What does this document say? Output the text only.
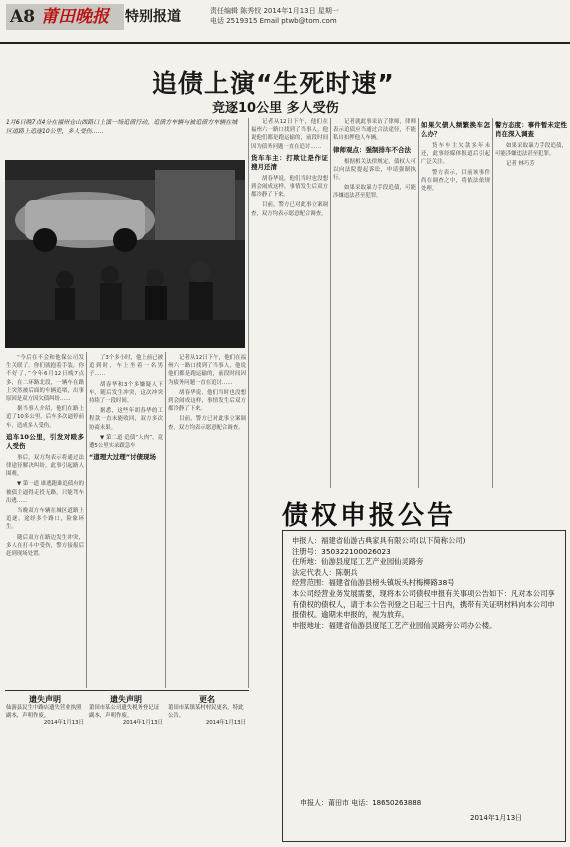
A8 莆田晚报	特别报道	责任编辑 陈秀钗 2014年1月13日 星期一
电话 2519315 Email ptwb@tom.com
追债上演“生死时速”
竞逐10公里 多人受伤
1月6日晚7点4分在福州仓山西路口上演一场追债行动，追债方车辆与被追债方车辆在城区道路上追逐10公里，多人受伤……

“今后在不会和他保公司发生关联了。你们就抱着手装，你不好了，”今年6月12日晚7点多，在二环路北段，一辆车在路上突然被后面的车辆追堵，出事原因是双方因欠债纠纷……

据当事人介绍，他们在路上追了10多公里，后车多次逼停前车，造成多人受伤。

追车10公里，引发对殴多人受伤

事后，双方均表示将通过法律途径解决纠纷，此事引起路人围观。

▼ 第一道 谁逃跑谁追债有的被债主逼得走投无路，只能驾车出逃……

当晚双方车辆在城区道路上追逐，途经多个路口，险象环生。

随后双方在路边发生冲突，多人在打斗中受伤，警方接报后赶到现场处置。

了3个多小时，他上前已被追到时，车上坐着一名男子……

胡春华和3个多嫌疑人下车，随后发生冲突，这次冲突持续了一段时间。

据悉，这些年胡春华的工程款一直未能收回，双方多次协商未果。

▼ 第二道 追债“人肉”，竟遭5公里实录跟急车

“道理大过理”讨债现场

记者从12日下午，他们在福州六一路口找到了当事人，他说他们都是跑运输的，前段时间因为债务问题一直在追讨……

胡春华说，他们当时也没想到会闹成这样，事情发生后双方都冷静了下来。

目前，警方已对此事立案调查，双方均表示愿意配合调查。

记者从12日下午，他们在福州六一路口找到了当事人，他说他们都是跑运输的，前段时间因为债务问题一直在追讨……

货车车主：打欺让是作证搜月还清

胡春华说，他们当时也没想到会闹成这样，事情发生后双方都冷静了下来。

目前，警方已对此事立案调查，双方均表示愿意配合调查。

记者就此事采访了律师，律师表示追债应当通过合法途径，不能私自扣押他人车辆。

律师观点：强制排车不合法

根据相关法律规定，债权人可以向法院提起诉讼，申请强制执行。

如果采取暴力手段追债，可能涉嫌违法甚至犯罪。

如果欠债人频繁换车怎么办？

货车车主欠款多年未还，此事经媒体报道后引起广泛关注。

警方表示，目前该事件尚在调查之中，将依法依规处理。

警方态度：事件暂未定性肖在深入调查

如果采取暴力手段追债，可能涉嫌违法甚至犯罪。

记者 林巧芳

债权申报公告

申报人：福建省仙游古典家具有限公司(以下简称公司)

注册号：350322100026023

住所地：仙游县度尾工艺产业园仙灵路旁

法定代表人：陈朝兵

经营范围：福建省仙游县榜头镇坂头村梅柳路38号

本公司经营业务发展需要，现将本公司债权申报有关事项公告如下：凡对本公司享有债权的债权人，请于本公告刊登之日起三十日内，携带有关证明材料向本公司申报债权。逾期未申报的，视为放弃。

申报地址：福建省仙游县度尾工艺产业园仙灵路旁公司办公楼。

申报人：莆田市 电话：18650263888
2014年1月13日
遗失声明
仙游县民生中路店遗失营业执照副本，声明作废。
2014年1月13日
遗失声明
莆田市某公司遗失税务登记证副本，声明作废。
2014年1月13日
更名
莆田市某镇某村村民更名，特此公告。
2014年1月13日
